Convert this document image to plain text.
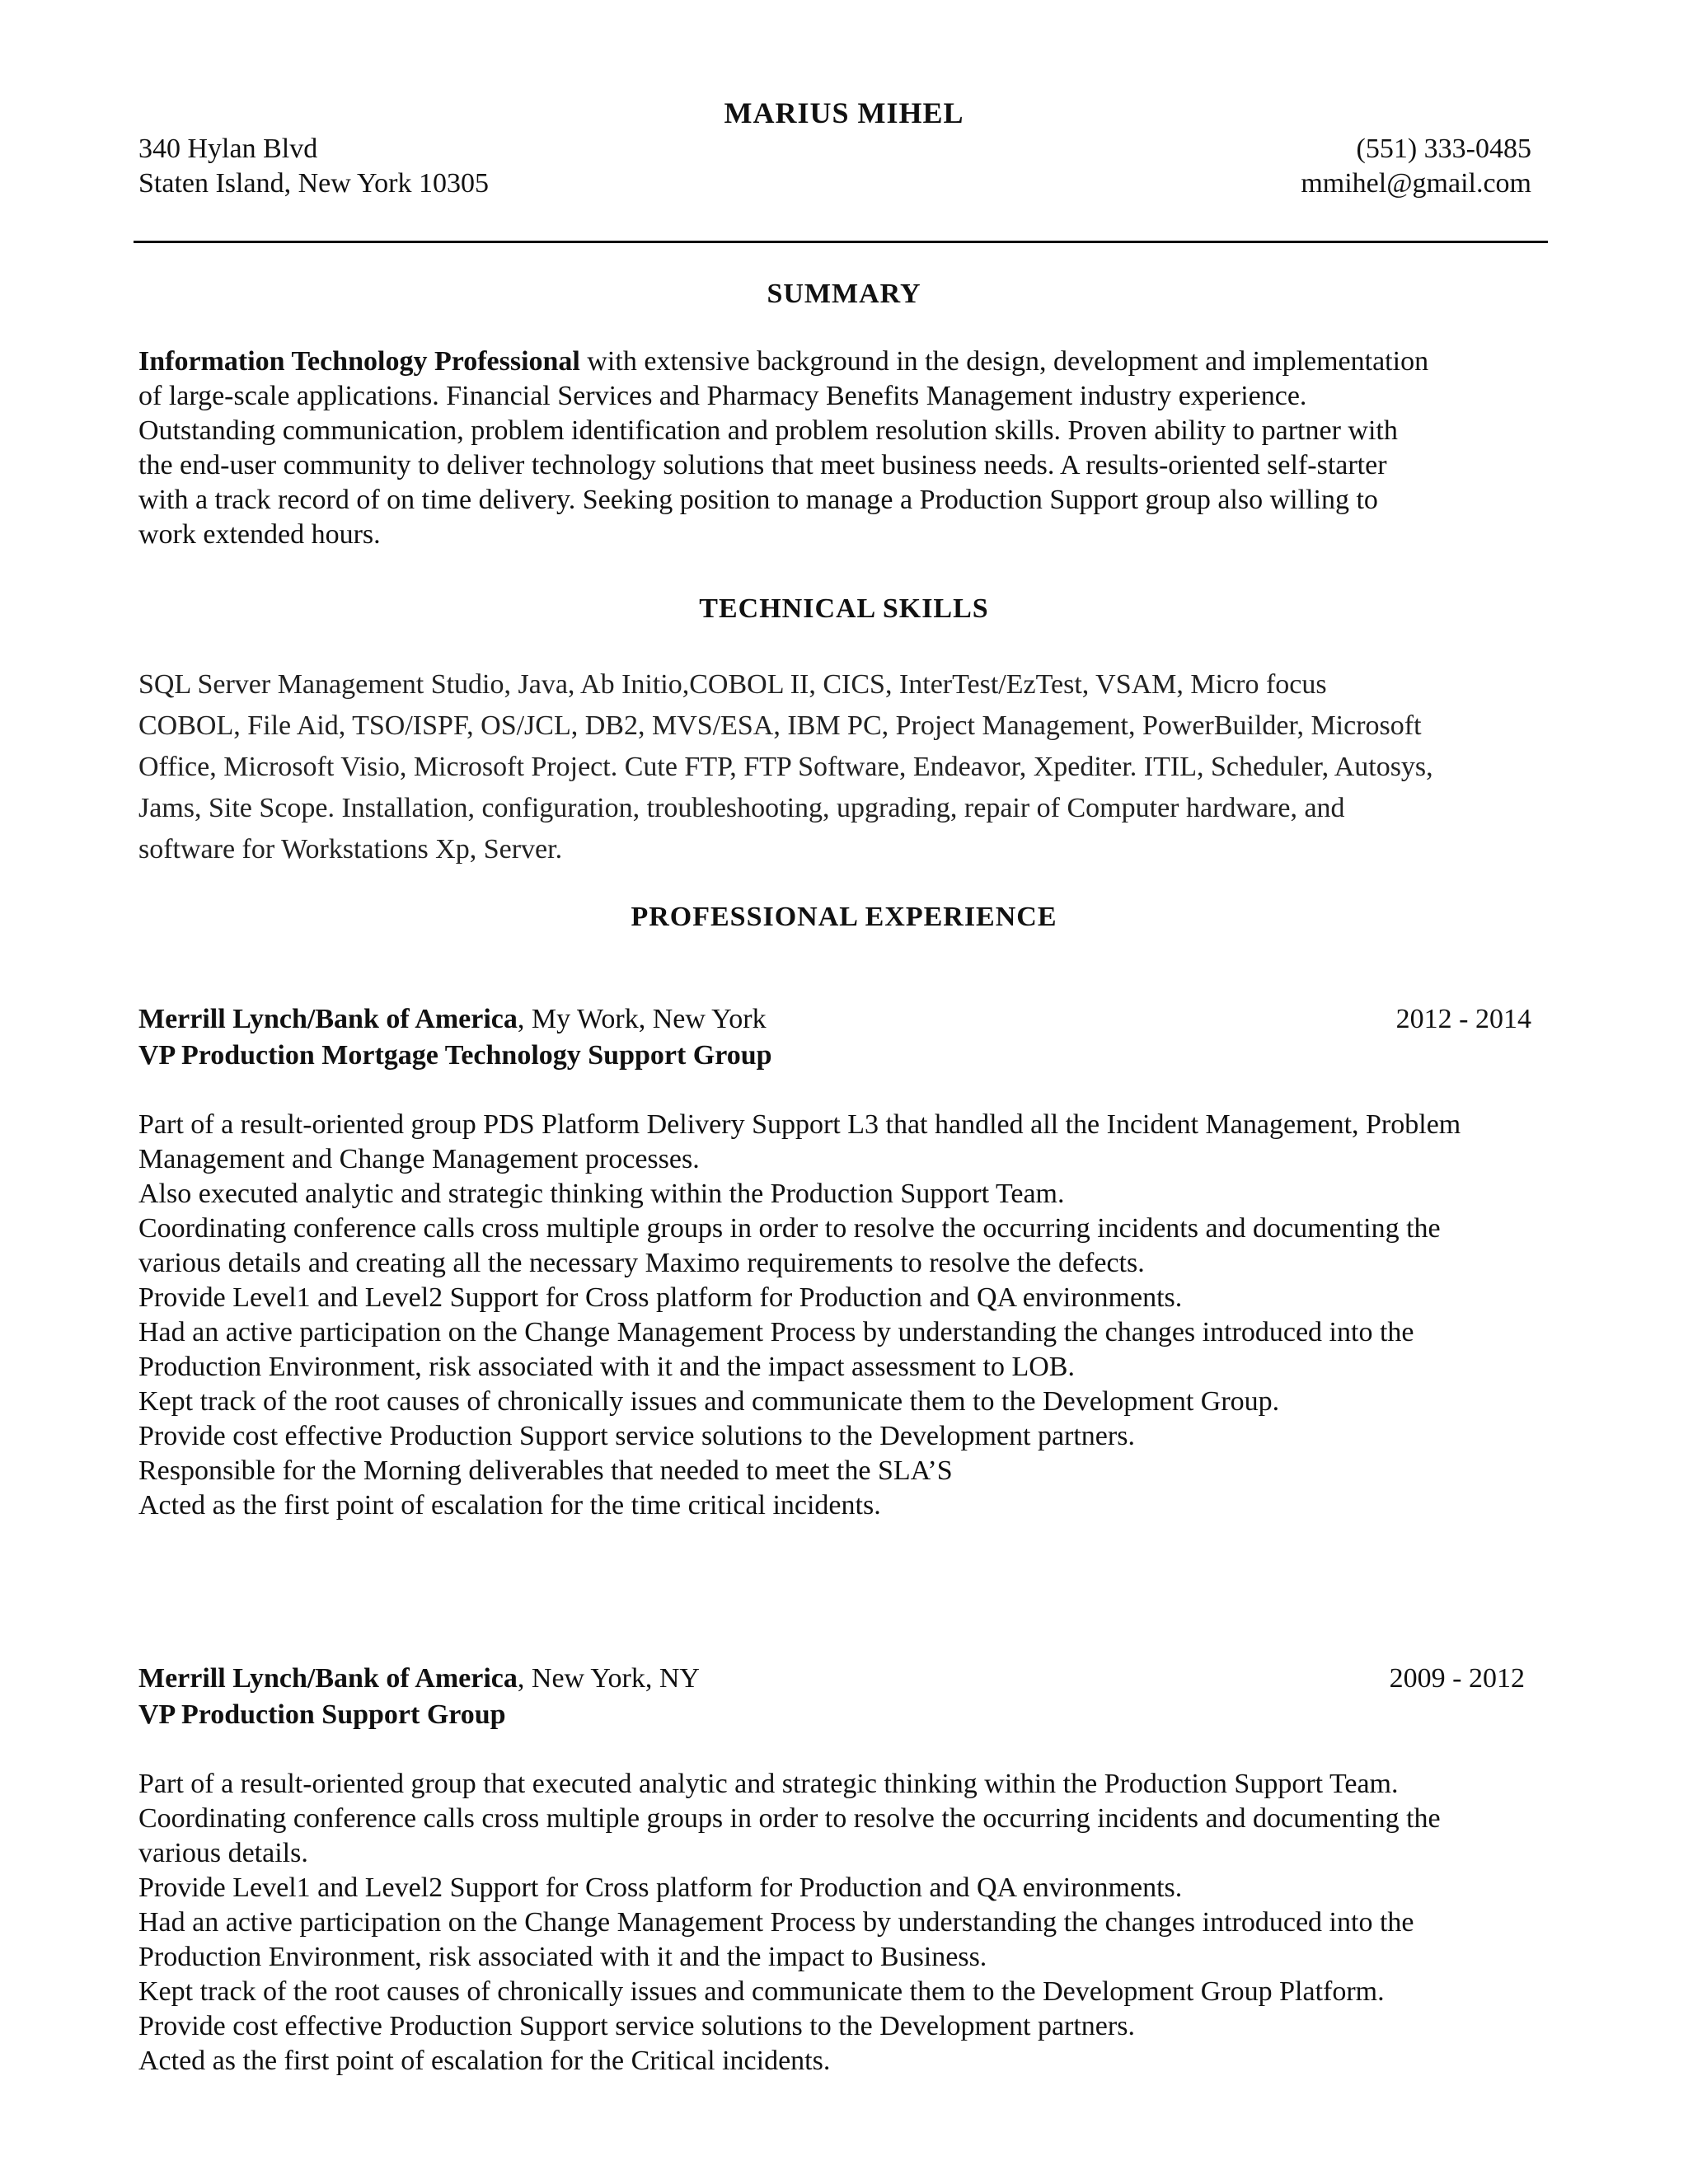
MARIUS MIHEL
340 Hylan Blvd
Staten Island, New York 10305
(551) 333-0485
mmihel@gmail.com
SUMMARY
Information Technology Professional with extensive background in the design, development and implementation
of large-scale applications. Financial Services and Pharmacy Benefits Management industry experience.
Outstanding communication, problem identification and problem resolution skills. Proven ability to partner with
the end-user community to deliver technology solutions that meet business needs. A results-oriented self-starter
with a track record of on time delivery. Seeking position to manage a Production Support group also willing to
work extended hours.
TECHNICAL SKILLS
SQL Server Management Studio, Java, Ab Initio,COBOL II, CICS, InterTest/EzTest, VSAM, Micro focus
COBOL, File Aid, TSO/ISPF, OS/JCL, DB2, MVS/ESA, IBM PC, Project Management, PowerBuilder, Microsoft
Office, Microsoft Visio, Microsoft Project. Cute FTP, FTP Software, Endeavor, Xpediter. ITIL, Scheduler, Autosys,
Jams, Site Scope. Installation, configuration, troubleshooting, upgrading, repair of Computer hardware, and
software for Workstations Xp, Server.
PROFESSIONAL EXPERIENCE
Merrill Lynch/Bank of America, My Work, New York	2012 - 2014
VP Production Mortgage Technology Support Group
Part of a result-oriented group PDS Platform Delivery Support L3 that handled all the Incident Management, Problem
Management and Change Management processes.
Also executed analytic and strategic thinking within the Production Support Team.
Coordinating conference calls cross multiple groups in order to resolve the occurring incidents and documenting the
various details and creating all the necessary Maximo requirements to resolve the defects.
Provide Level1 and Level2 Support for Cross platform for Production and QA environments.
Had an active participation on the Change Management Process by understanding the changes introduced into the
Production Environment, risk associated with it and the impact assessment to LOB.
Kept track of the root causes of chronically issues and communicate them to the Development Group.
Provide cost effective Production Support service solutions to the Development partners.
Responsible for the Morning deliverables that needed to meet the SLA’S
Acted as the first point of escalation for the time critical incidents.
Merrill Lynch/Bank of America, New York, NY	2009 - 2012
VP Production Support Group
Part of a result-oriented group that executed analytic and strategic thinking within the Production Support Team.
Coordinating conference calls cross multiple groups in order to resolve the occurring incidents and documenting the
various details.
Provide Level1 and Level2 Support for Cross platform for Production and QA environments.
Had an active participation on the Change Management Process by understanding the changes introduced into the
Production Environment, risk associated with it and the impact to Business.
Kept track of the root causes of chronically issues and communicate them to the Development Group Platform.
Provide cost effective Production Support service solutions to the Development partners.
Acted as the first point of escalation for the Critical incidents.
